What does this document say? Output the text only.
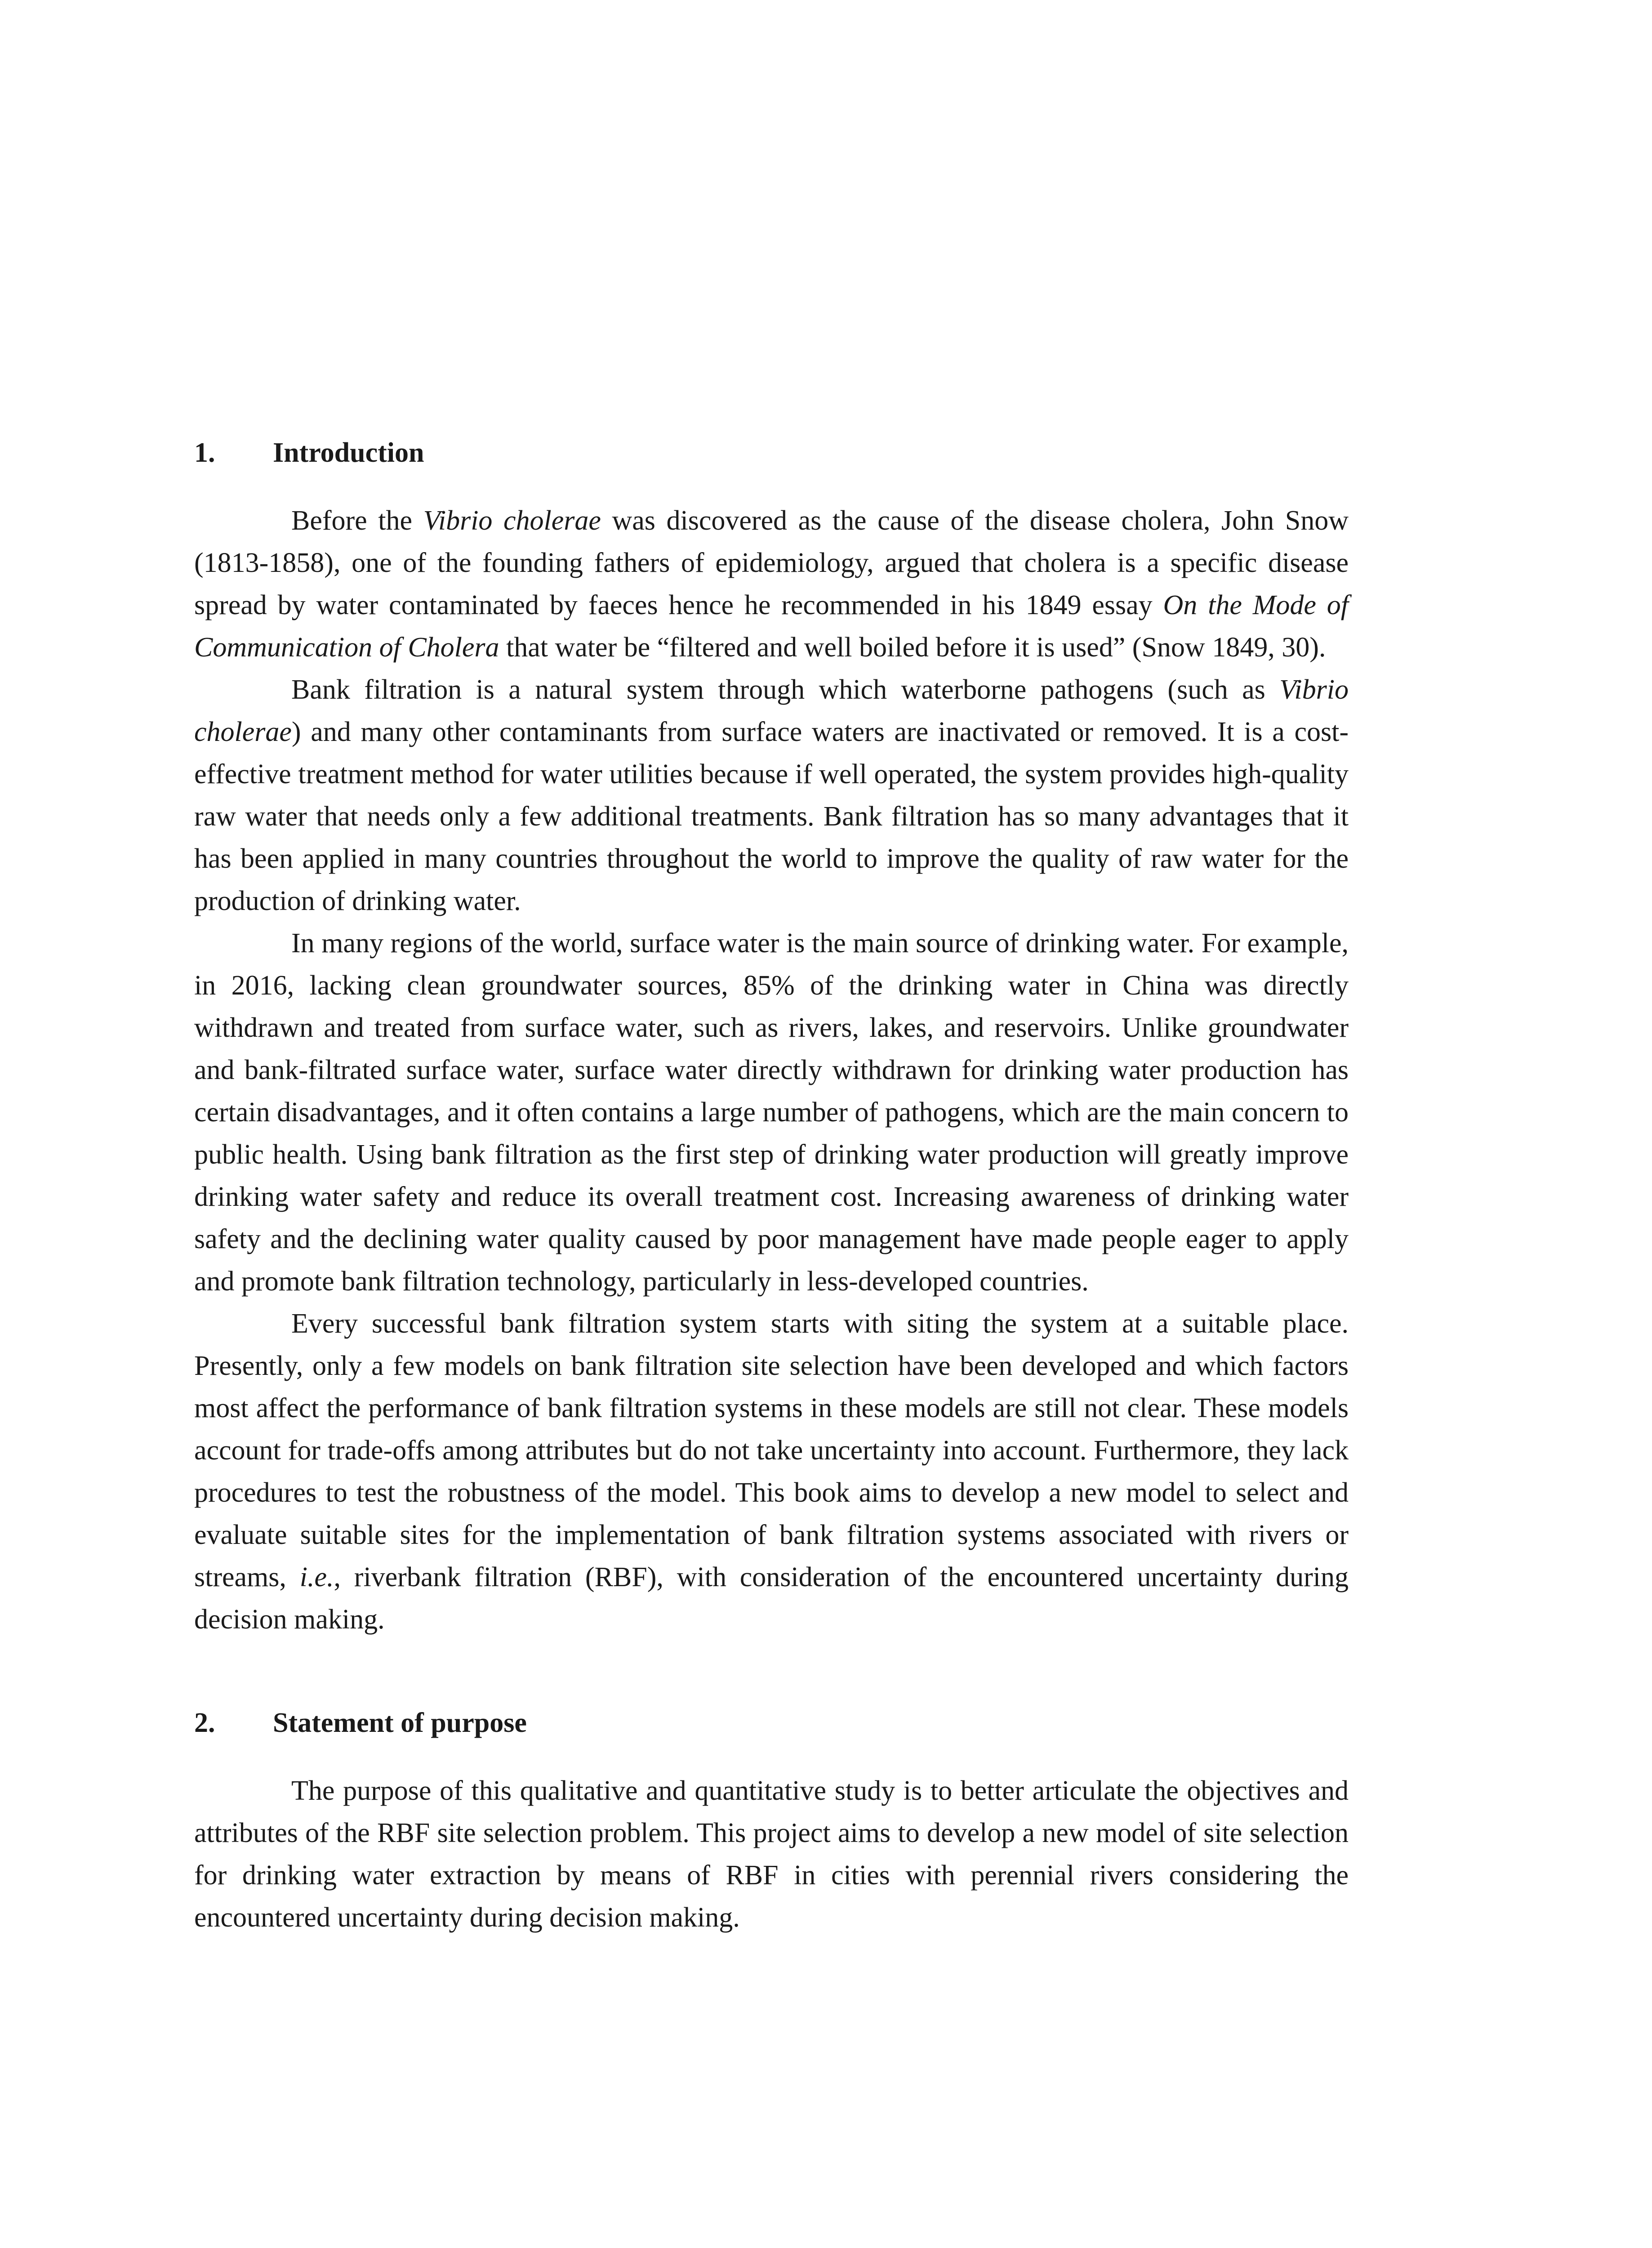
1.	Introduction

Before the Vibrio cholerae was discovered as the cause of the disease cholera, John Snow (1813-1858), one of the founding fathers of epidemiology, argued that cholera is a specific disease spread by water contaminated by faeces hence he recommended in his 1849 essay On the Mode of Communication of Cholera that water be “filtered and well boiled before it is used” (Snow 1849, 30).

Bank filtration is a natural system through which waterborne pathogens (such as Vibrio cholerae) and many other contaminants from surface waters are inactivated or removed. It is a cost-effective treatment method for water utilities because if well operated, the system provides high-quality raw water that needs only a few additional treatments. Bank filtration has so many advantages that it has been applied in many countries throughout the world to improve the quality of raw water for the production of drinking water.

In many regions of the world, surface water is the main source of drinking water. For example, in 2016, lacking clean groundwater sources, 85% of the drinking water in China was directly withdrawn and treated from surface water, such as rivers, lakes, and reservoirs. Unlike groundwater and bank-filtrated surface water, surface water directly withdrawn for drinking water production has certain disadvantages, and it often contains a large number of pathogens, which are the main concern to public health. Using bank filtration as the first step of drinking water production will greatly improve drinking water safety and reduce its overall treatment cost. Increasing awareness of drinking water safety and the declining water quality caused by poor management have made people eager to apply and promote bank filtration technology, particularly in less-developed countries.

Every successful bank filtration system starts with siting the system at a suitable place. Presently, only a few models on bank filtration site selection have been developed and which factors most affect the performance of bank filtration systems in these models are still not clear. These models account for trade-offs among attributes but do not take uncertainty into account. Furthermore, they lack procedures to test the robustness of the model. This book aims to develop a new model to select and evaluate suitable sites for the implementation of bank filtration systems associated with rivers or streams, i.e., riverbank filtration (RBF), with consideration of the encountered uncertainty during decision making.

2.	Statement of purpose

The purpose of this qualitative and quantitative study is to better articulate the objectives and attributes of the RBF site selection problem. This project aims to develop a new model of site selection for drinking water extraction by means of RBF in cities with perennial rivers considering the encountered uncertainty during decision making.
